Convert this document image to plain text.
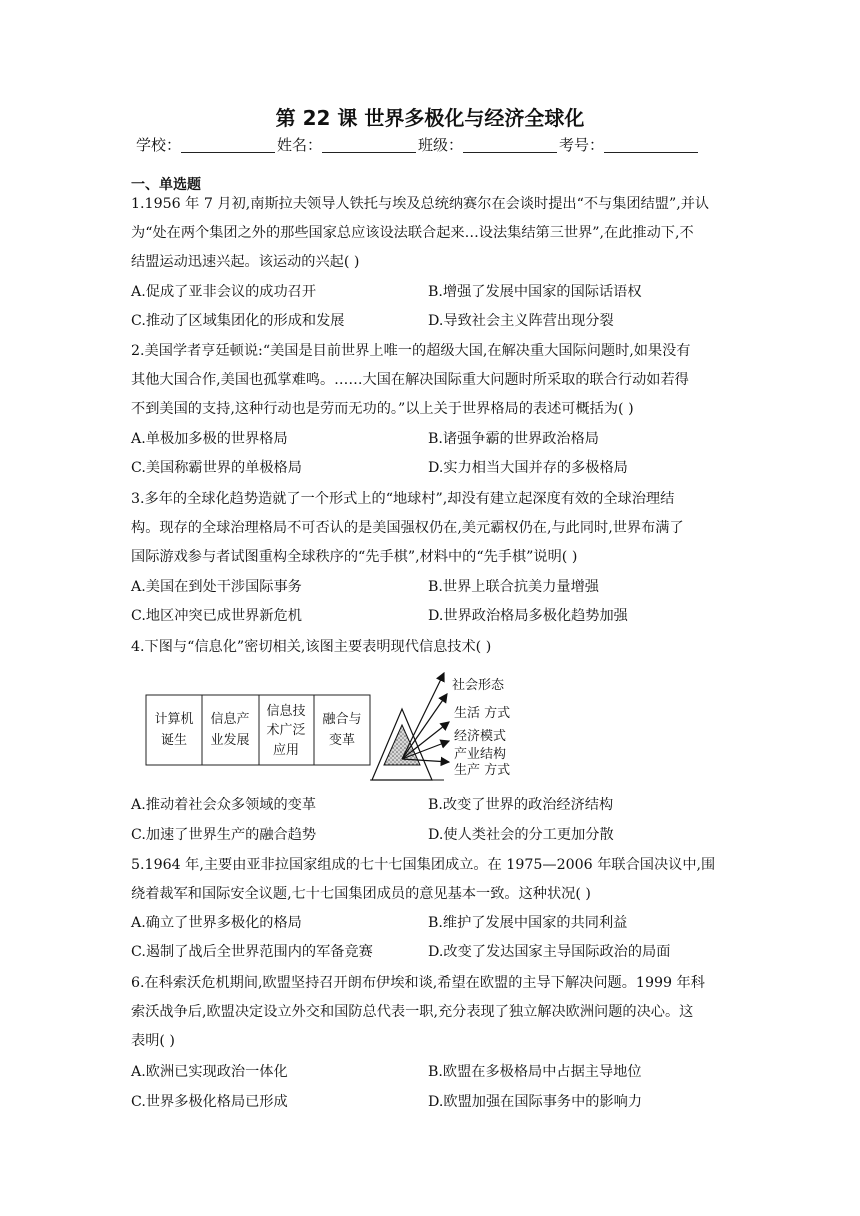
第 22 课 世界多极化与经济全球化
学校：	姓名：	班级：	考号：
一、单选题
1.1956 年 7 月初,南斯拉夫领导人铁托与埃及总统纳赛尔在会谈时提出“不与集团结盟”,并认
为“处在两个集团之外的那些国家总应该设法联合起来…设法集结第三世界”,在此推动下,不
结盟运动迅速兴起。该运动的兴起( )
A.促成了亚非会议的成功召开	B.增强了发展中国家的国际话语权
C.推动了区域集团化的形成和发展	D.导致社会主义阵营出现分裂
2.美国学者亨廷顿说:“美国是目前世界上唯一的超级大国,在解决重大国际问题时,如果没有
其他大国合作,美国也孤掌难鸣。……大国在解决国际重大问题时所采取的联合行动如若得
不到美国的支持,这种行动也是劳而无功的。”以上关于世界格局的表述可概括为( )
A.单极加多极的世界格局	B.诸强争霸的世界政治格局
C.美国称霸世界的单极格局	D.实力相当大国并存的多极格局
3.多年的全球化趋势造就了一个形式上的“地球村”,却没有建立起深度有效的全球治理结
构。现存的全球治理格局不可否认的是美国强权仍在,美元霸权仍在,与此同时,世界布满了
国际游戏参与者试图重构全球秩序的“先手棋”,材料中的“先手棋”说明( )
A.美国在到处干涉国际事务	B.世界上联合抗美力量增强
C.地区冲突已成世界新危机	D.世界政治格局多极化趋势加强
4.下图与“信息化”密切相关,该图主要表明现代信息技术( )
计算机
诞生
信息产
业发展
信息技
术广泛
应用
融合与
变革
社会形态
生活 方式
经济模式
产业结构
生产 方式
A.推动着社会众多领域的变革	B.改变了世界的政治经济结构
C.加速了世界生产的融合趋势	D.使人类社会的分工更加分散
5.1964 年,主要由亚非拉国家组成的七十七国集团成立。在 1975—2006 年联合国决议中,围
绕着裁军和国际安全议题,七十七国集团成员的意见基本一致。这种状况( )
A.确立了世界多极化的格局	B.维护了发展中国家的共同利益
C.遏制了战后全世界范围内的军备竞赛	D.改变了发达国家主导国际政治的局面
6.在科索沃危机期间,欧盟坚持召开朗布伊埃和谈,希望在欧盟的主导下解决问题。1999 年科
索沃战争后,欧盟决定设立外交和国防总代表一职,充分表现了独立解决欧洲问题的决心。这
表明( )
A.欧洲已实现政治一体化	B.欧盟在多极格局中占据主导地位
C.世界多极化格局已形成	D.欧盟加强在国际事务中的影响力
